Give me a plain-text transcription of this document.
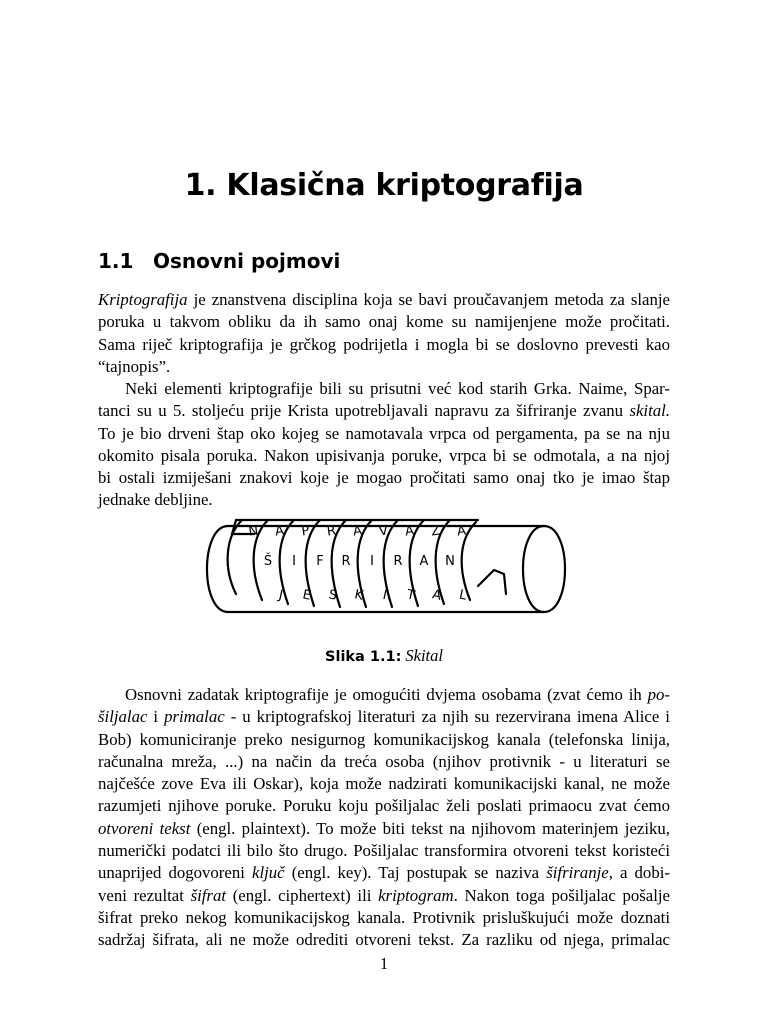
1. Klasična kriptografija
1.1 Osnovni pojmovi
Kriptografija je znanstvena disciplina koja se bavi proučavanjem metoda za slanje
poruka u takvom obliku da ih samo onaj kome su namijenjene može pročitati.
Sama riječ kriptografija je grčkog podrijetla i mogla bi se doslovno prevesti kao
“tajnopis”.
Neki elementi kriptografije bili su prisutni već kod starih Grka. Naime, Spar-
tanci su u 5. stoljeću prije Krista upotrebljavali napravu za šifriranje zvanu skital.
To je bio drveni štap oko kojeg se namotavala vrpca od pergamenta, pa se na nju
okomito pisala poruka. Nakon upisivanja poruke, vrpca bi se odmotala, a na njoj
bi ostali izmiješani znakovi koje je mogao pročitati samo onaj tko je imao štap
jednake debljine.
N A P R A V A Z A
Š I F R I R A N
J E S K I T A L
Slika 1.1: Skital
Osnovni zadatak kriptografije je omogućiti dvjema osobama (zvat ćemo ih po-
šiljalac i primalac - u kriptografskoj literaturi za njih su rezervirana imena Alice i
Bob) komuniciranje preko nesigurnog komunikacijskog kanala (telefonska linija,
računalna mreža, ...) na način da treća osoba (njihov protivnik - u literaturi se
najčešće zove Eva ili Oskar), koja može nadzirati komunikacijski kanal, ne može
razumjeti njihove poruke. Poruku koju pošiljalac želi poslati primaocu zvat ćemo
otvoreni tekst (engl. plaintext). To može biti tekst na njihovom materinjem jeziku,
numerički podatci ili bilo što drugo. Pošiljalac transformira otvoreni tekst koristeći
unaprijed dogovoreni ključ (engl. key). Taj postupak se naziva šifriranje, a dobi-
veni rezultat šifrat (engl. ciphertext) ili kriptogram. Nakon toga pošiljalac pošalje
šifrat preko nekog komunikacijskog kanala. Protivnik prisluškujući može doznati
sadržaj šifrata, ali ne može odrediti otvoreni tekst. Za razliku od njega, primalac
1
